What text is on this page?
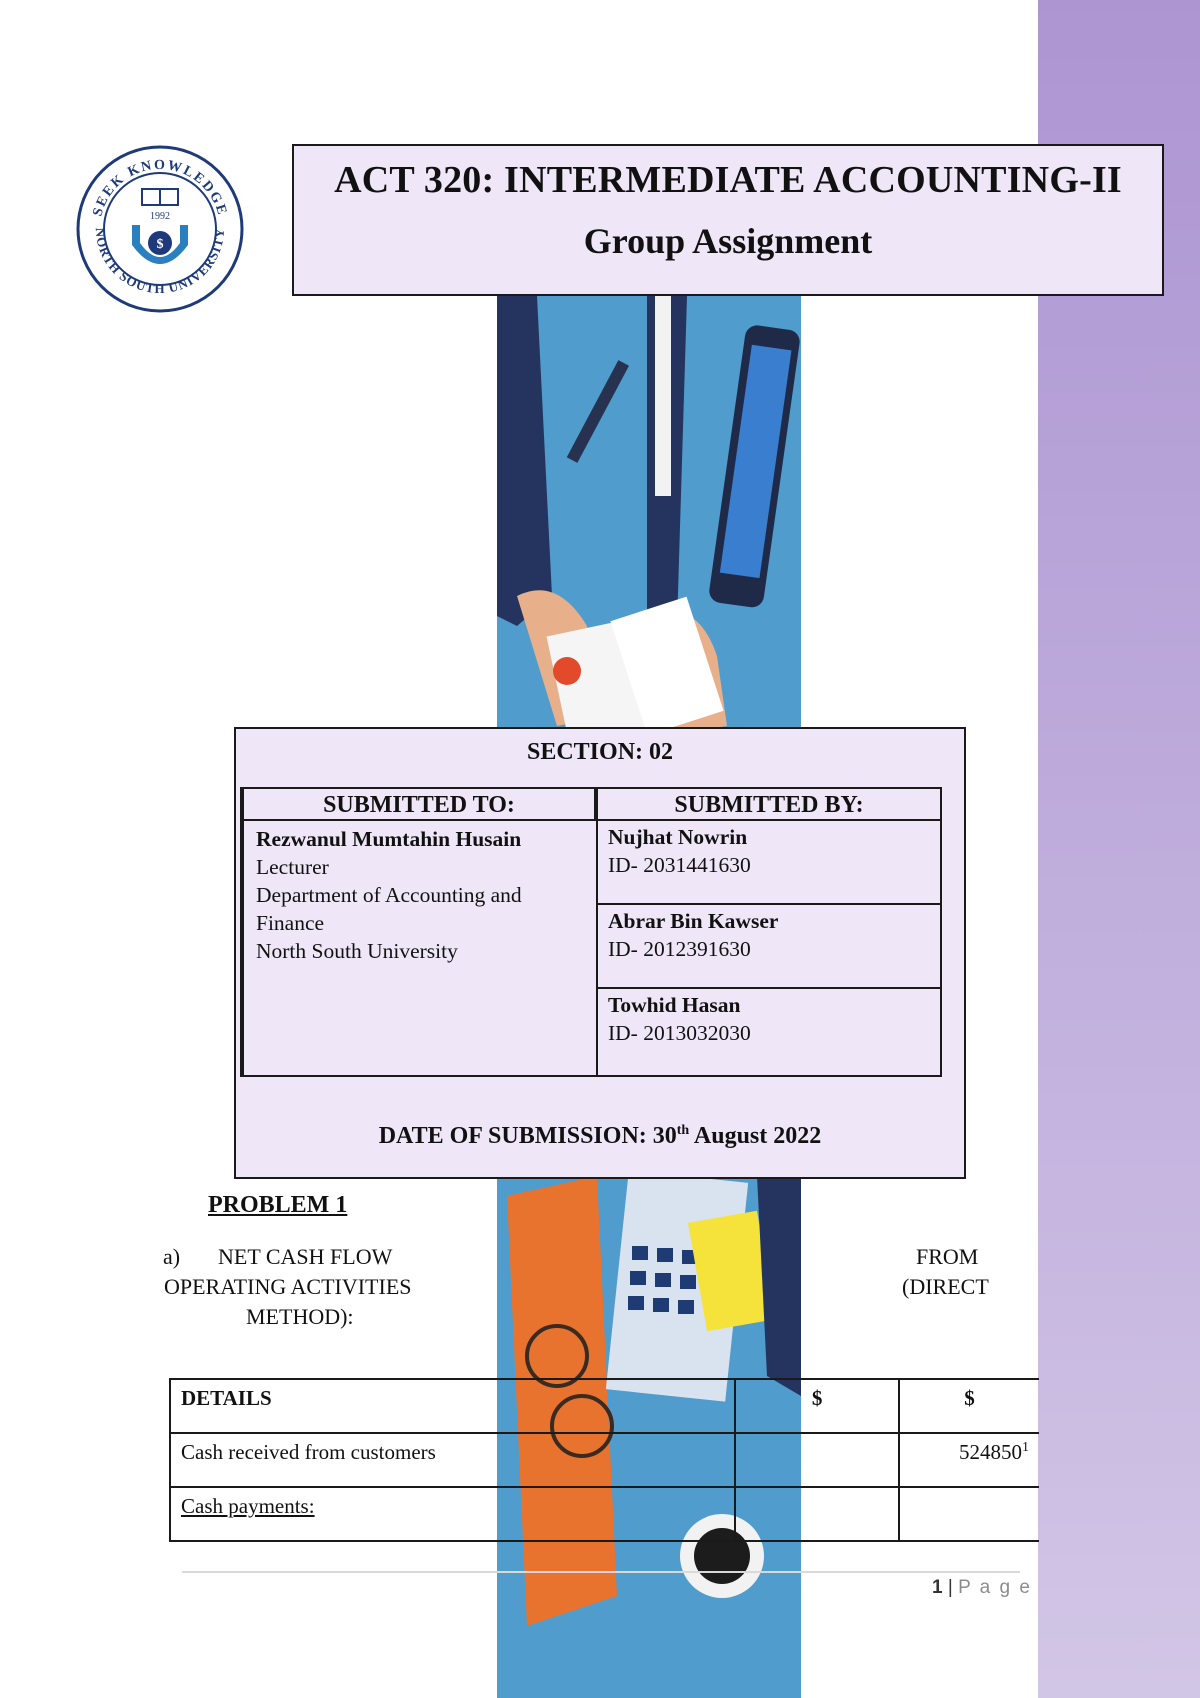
SEEK KNOWLEDGE
NORTH SOUTH UNIVERSITY
1992
$
ACT 320: INTERMEDIATE ACCOUNTING-II
Group Assignment
SECTION: 02
SUBMITTED TO:	SUBMITTED BY:
Rezwanul Mumtahin Husain
Lecturer
Department of Accounting and
Finance
North South University
Nujhat Nowrin
ID- 2031441630
Abrar Bin Kawser
ID- 2012391630
Towhid Hasan
ID- 2013032030
DATE OF SUBMISSION: 30th August 2022
PROBLEM 1
a) NET CASH FLOW	FROM
OPERATING ACTIVITIES	(DIRECT
METHOD):
DETAILS	$	$
Cash received from customers		524850$^1$
Cash payments:		
1 | P a g e
